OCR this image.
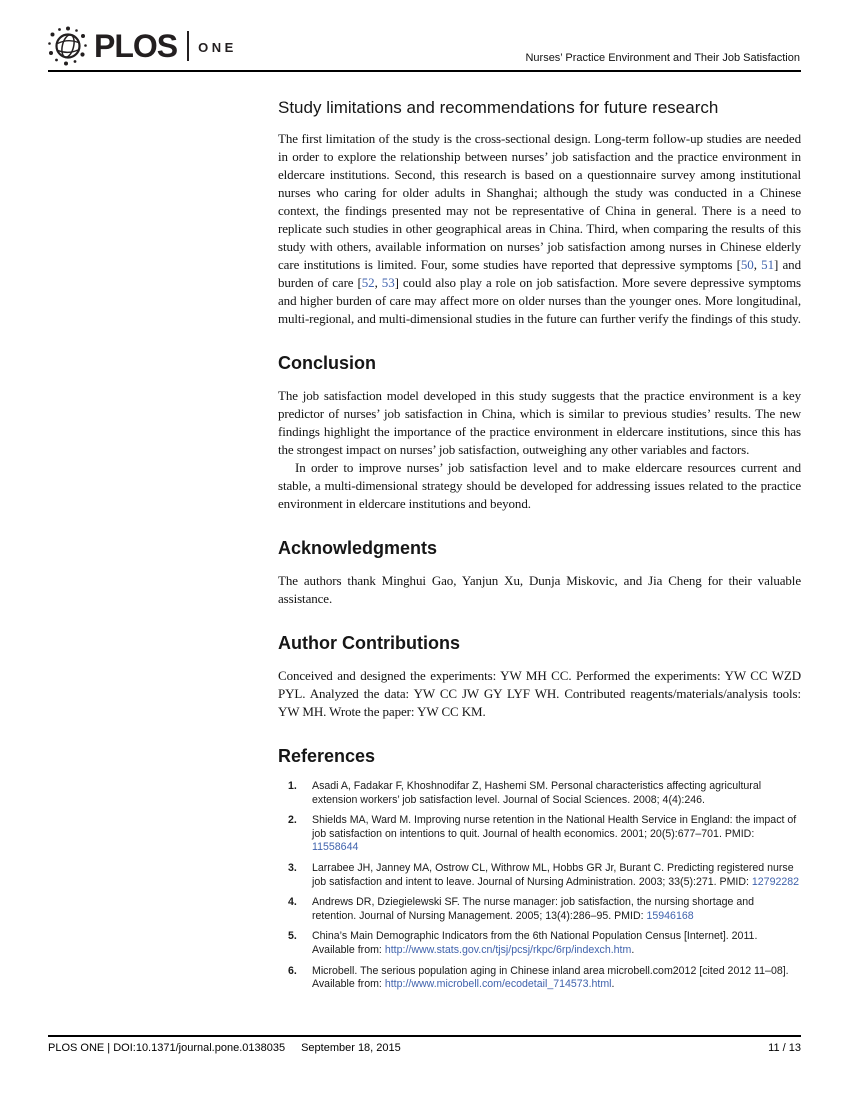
PLOS ONE
Nurses’ Practice Environment and Their Job Satisfaction
Study limitations and recommendations for future research

The first limitation of the study is the cross-sectional design. Long-term follow-up studies are needed in order to explore the relationship between nurses’ job satisfaction and the practice environment in eldercare institutions. Second, this research is based on a questionnaire survey among institutional nurses who caring for older adults in Shanghai; although the study was conducted in a Chinese context, the findings presented may not be representative of China in general. There is a need to replicate such studies in other geographical areas in China. Third, when comparing the results of this study with others, available information on nurses’ job satisfaction among nurses in Chinese elderly care institutions is limited. Four, some studies have reported that depressive symptoms [50, 51] and burden of care [52, 53] could also play a role on job satisfaction. More severe depressive symptoms and higher burden of care may affect more on older nurses than the younger ones. More longitudinal, multi-regional, and multi-dimensional studies in the future can further verify the findings of this study.

Conclusion

The job satisfaction model developed in this study suggests that the practice environment is a key predictor of nurses’ job satisfaction in China, which is similar to previous studies’ results. The new findings highlight the importance of the practice environment in eldercare institutions, since this has the strongest impact on nurses’ job satisfaction, outweighing any other variables and factors.

In order to improve nurses’ job satisfaction level and to make eldercare resources current and stable, a multi-dimensional strategy should be developed for addressing issues related to the practice environment in eldercare institutions and beyond.

Acknowledgments

The authors thank Minghui Gao, Yanjun Xu, Dunja Miskovic, and Jia Cheng for their valuable assistance.

Author Contributions

Conceived and designed the experiments: YW MH CC. Performed the experiments: YW CC WZD PYL. Analyzed the data: YW CC JW GY LYF WH. Contributed reagents/materials/analysis tools: YW MH. Wrote the paper: YW CC KM.

References
1.	Asadi A, Fadakar F, Khoshnodifar Z, Hashemi SM. Personal characteristics affecting agricultural extension workers’ job satisfaction level. Journal of Social Sciences. 2008; 4(4):246.
2.	Shields MA, Ward M. Improving nurse retention in the National Health Service in England: the impact of job satisfaction on intentions to quit. Journal of health economics. 2001; 20(5):677–701. PMID: 11558644
3.	Larrabee JH, Janney MA, Ostrow CL, Withrow ML, Hobbs GR Jr, Burant C. Predicting registered nurse job satisfaction and intent to leave. Journal of Nursing Administration. 2003; 33(5):271. PMID: 12792282
4.	Andrews DR, Dziegielewski SF. The nurse manager: job satisfaction, the nursing shortage and retention. Journal of Nursing Management. 2005; 13(4):286–95. PMID: 15946168
5.	China’s Main Demographic Indicators from the 6th National Population Census [Internet]. 2011. Available from: http://www.stats.gov.cn/tjsj/pcsj/rkpc/6rp/indexch.htm.
6.	Microbell. The serious population aging in Chinese inland area microbell.com2012 [cited 2012 11–08]. Available from: http://www.microbell.com/ecodetail_714573.html.
PLOS ONE | DOI:10.1371/journal.pone.0138035 September 18, 2015	11 / 13
